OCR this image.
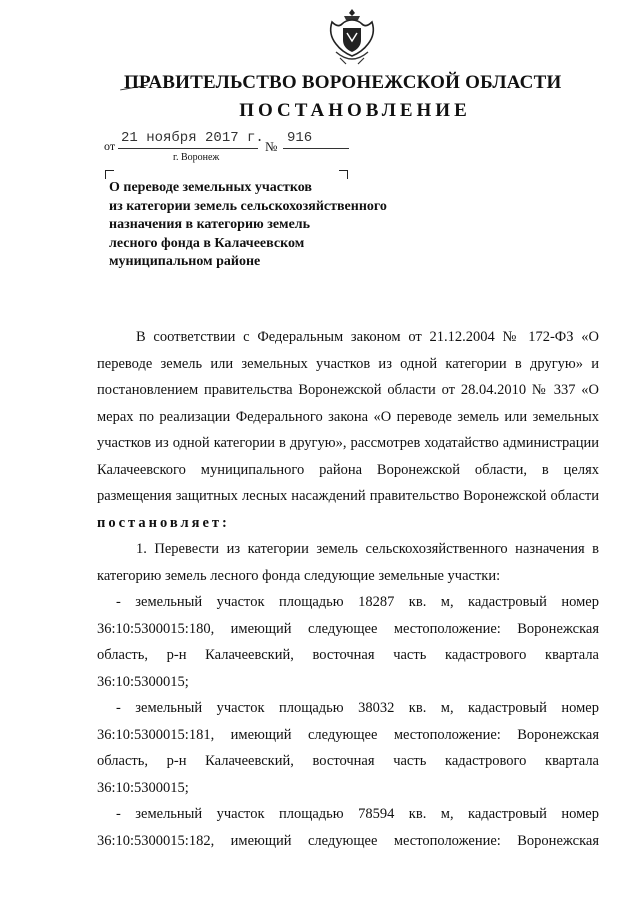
ПРАВИТЕЛЬСТВО ВОРОНЕЖСКОЙ ОБЛАСТИ
ПОСТАНОВЛЕНИЕ
от 21 ноября 2017 г.
№
916
г. Воронеж
О переводе земельных участков
из категории земель сельскохозяйственного
назначения в категорию земель
лесного фонда в Калачеевском
муниципальном районе

В соответствии с Федеральным законом от 21.12.2004 № 172-ФЗ «О переводе земель или земельных участков из одной категории в другую» и постановлением правительства Воронежской области от 28.04.2010 № 337 «О мерах по реализации Федерального закона «О переводе земель или земельных участков из одной категории в другую», рассмотрев ходатайство администрации Калачеевского муниципального района Воронежской области, в целях размещения защитных лесных насаждений правительство Воронежской области постановляет:

1. Перевести из категории земель сельскохозяйственного назначения в категорию земель лесного фонда следующие земельные участки:

- земельный участок площадью 18287 кв. м, кадастровый номер 36:10:5300015:180, имеющий следующее местоположение: Воронежская область, р-н Калачеевский, восточная часть кадастрового квартала 36:10:5300015;

- земельный участок площадью 38032 кв. м, кадастровый номер 36:10:5300015:181, имеющий следующее местоположение: Воронежская область, р-н Калачеевский, восточная часть кадастрового квартала 36:10:5300015;

- земельный участок площадью 78594 кв. м, кадастровый номер 36:10:5300015:182, имеющий следующее местоположение: Воронежская
